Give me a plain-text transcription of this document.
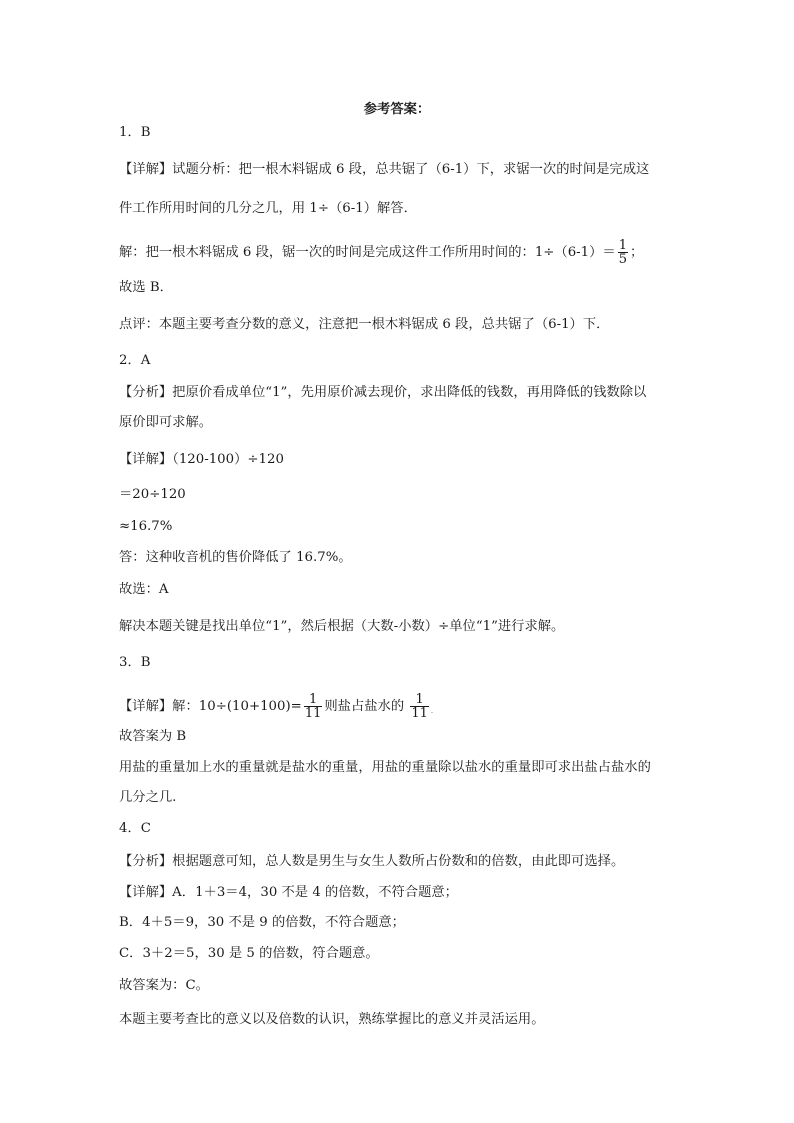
参考答案：
1．B
【详解】试题分析：把一根木料锯成 6 段，总共锯了（6-1）下，求锯一次的时间是完成这
件工作所用时间的几分之几，用 1÷（6-1）解答．
解：把一根木料锯成 6 段，锯一次的时间是完成这件工作所用时间的：$1\div(6-1)= \frac{1}{5}$ ；
故选 B．
点评：本题主要考查分数的意义，注意把一根木料锯成 6 段，总共锯了（6-1）下．
2．A
【分析】把原价看成单位“1”，先用原价减去现价，求出降低的钱数，再用降低的钱数除以
原价即可求解。
【详解】（120-100）÷120
＝20÷120
≈16.7%
答：这种收音机的售价降低了 16.7%。
故选：A
解决本题关键是找出单位“1”，然后根据（大数-小数）÷单位“1”进行求解。
3．B
【详解】解：$10\div(10+100)= \frac{1}{11}$ 则盐占盐水的 $\frac{1}{11}$ .
故答案为 B
用盐的重量加上水的重量就是盐水的重量，用盐的重量除以盐水的重量即可求出盐占盐水的
几分之几.
4．C
【分析】根据题意可知，总人数是男生与女生人数所占份数和的倍数，由此即可选择。
【详解】A．1＋3＝4，30 不是 4 的倍数，不符合题意；
B．4＋5＝9，30 不是 9 的倍数，不符合题意；
C．3＋2＝5，30 是 5 的倍数，符合题意。
故答案为：C。
本题主要考查比的意义以及倍数的认识，熟练掌握比的意义并灵活运用。
